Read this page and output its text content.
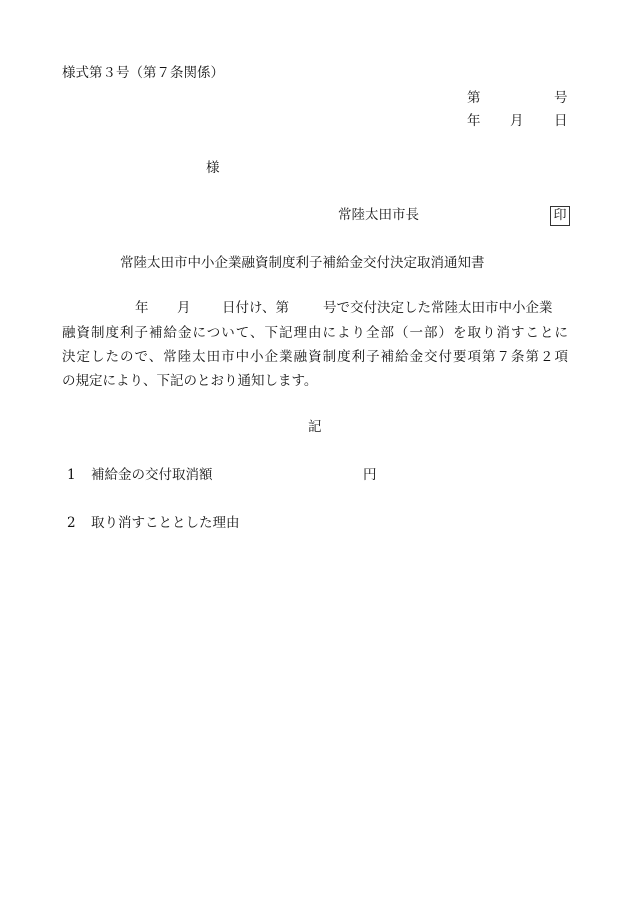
様式第３号（第７条関係）
第	号
年 月 日
様
常陸太田市長	印
常陸太田市中小企業融資制度利子補給金交付決定取消通知書
年 月 日付け、第	号で交付決定した常陸太田市中小企業
融資制度利子補給金について、下記理由により全部（一部）を取り消すことに
決定したので、常陸太田市中小企業融資制度利子補給金交付要項第７条第２項
の規定により、下記のとおり通知します。
記
1 補給金の交付取消額	円
2 取り消すこととした理由
